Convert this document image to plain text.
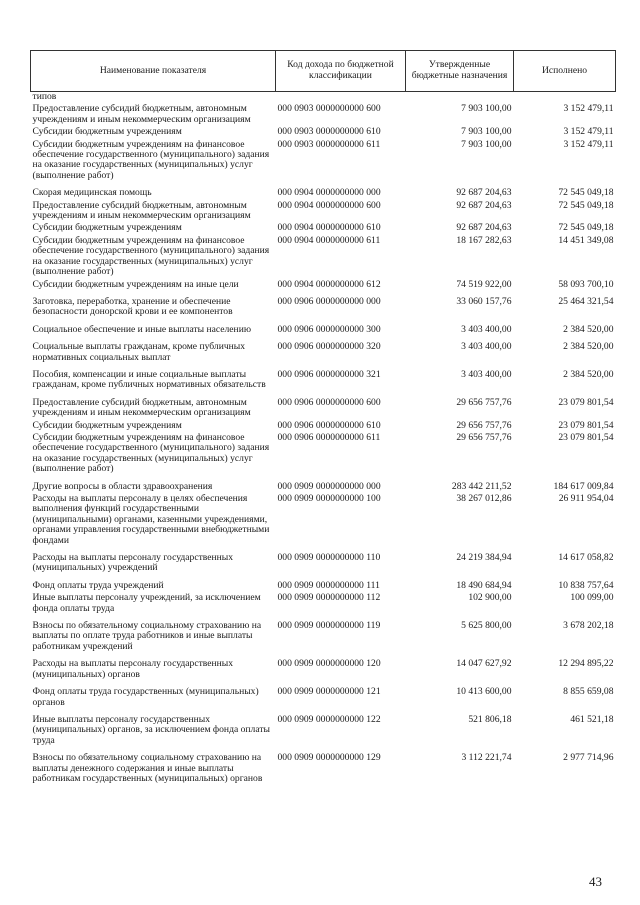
Наименование показателя	Код дохода по бюджетной классификации	Утвержденные бюджетные назначения	Исполнено
типов			
Предоставление субсидий бюджетным, автономным учреждениям и иным некоммерческим организациям	000 0903 0000000000 600	7 903 100,00	3 152 479,11
Субсидии бюджетным учреждениям	000 0903 0000000000 610	7 903 100,00	3 152 479,11
Субсидии бюджетным учреждениям на финансовое обеспечение государственного (муниципального) задания на оказание государственных (муниципальных) услуг (выполнение работ)	000 0903 0000000000 611	7 903 100,00	3 152 479,11
Скорая медицинская помощь	000 0904 0000000000 000	92 687 204,63	72 545 049,18
Предоставление субсидий бюджетным, автономным учреждениям и иным некоммерческим организациям	000 0904 0000000000 600	92 687 204,63	72 545 049,18
Субсидии бюджетным учреждениям	000 0904 0000000000 610	92 687 204,63	72 545 049,18
Субсидии бюджетным учреждениям на финансовое обеспечение государственного (муниципального) задания на оказание государственных (муниципальных) услуг (выполнение работ)	000 0904 0000000000 611	18 167 282,63	14 451 349,08
Субсидии бюджетным учреждениям на иные цели	000 0904 0000000000 612	74 519 922,00	58 093 700,10
Заготовка, переработка, хранение и обеспечение безопасности донорской крови и ее компонентов	000 0906 0000000000 000	33 060 157,76	25 464 321,54
Социальное обеспечение и иные выплаты населению	000 0906 0000000000 300	3 403 400,00	2 384 520,00
Социальные выплаты гражданам, кроме публичных нормативных социальных выплат	000 0906 0000000000 320	3 403 400,00	2 384 520,00
Пособия, компенсации и иные социальные выплаты гражданам, кроме публичных нормативных обязательств	000 0906 0000000000 321	3 403 400,00	2 384 520,00
Предоставление субсидий бюджетным, автономным учреждениям и иным некоммерческим организациям	000 0906 0000000000 600	29 656 757,76	23 079 801,54
Субсидии бюджетным учреждениям	000 0906 0000000000 610	29 656 757,76	23 079 801,54
Субсидии бюджетным учреждениям на финансовое обеспечение государственного (муниципального) задания на оказание государственных (муниципальных) услуг (выполнение работ)	000 0906 0000000000 611	29 656 757,76	23 079 801,54
Другие вопросы в области здравоохранения	000 0909 0000000000 000	283 442 211,52	184 617 009,84
Расходы на выплаты персоналу в целях обеспечения выполнения функций государственными (муниципальными) органами, казенными учреждениями, органами управления государственными внебюджетными фондами	000 0909 0000000000 100	38 267 012,86	26 911 954,04
Расходы на выплаты персоналу государственных (муниципальных) учреждений	000 0909 0000000000 110	24 219 384,94	14 617 058,82
Фонд оплаты труда учреждений	000 0909 0000000000 111	18 490 684,94	10 838 757,64
Иные выплаты персоналу учреждений, за исключением фонда оплаты труда	000 0909 0000000000 112	102 900,00	100 099,00
Взносы по обязательному социальному страхованию на выплаты по оплате труда работников и иные выплаты работникам учреждений	000 0909 0000000000 119	5 625 800,00	3 678 202,18
Расходы на выплаты персоналу государственных (муниципальных) органов	000 0909 0000000000 120	14 047 627,92	12 294 895,22
Фонд оплаты труда государственных (муниципальных) органов	000 0909 0000000000 121	10 413 600,00	8 855 659,08
Иные выплаты персоналу государственных (муниципальных) органов, за исключением фонда оплаты труда	000 0909 0000000000 122	521 806,18	461 521,18
Взносы по обязательному социальному страхованию на выплаты денежного содержания и иные выплаты работникам государственных (муниципальных) органов	000 0909 0000000000 129	3 112 221,74	2 977 714,96
43
